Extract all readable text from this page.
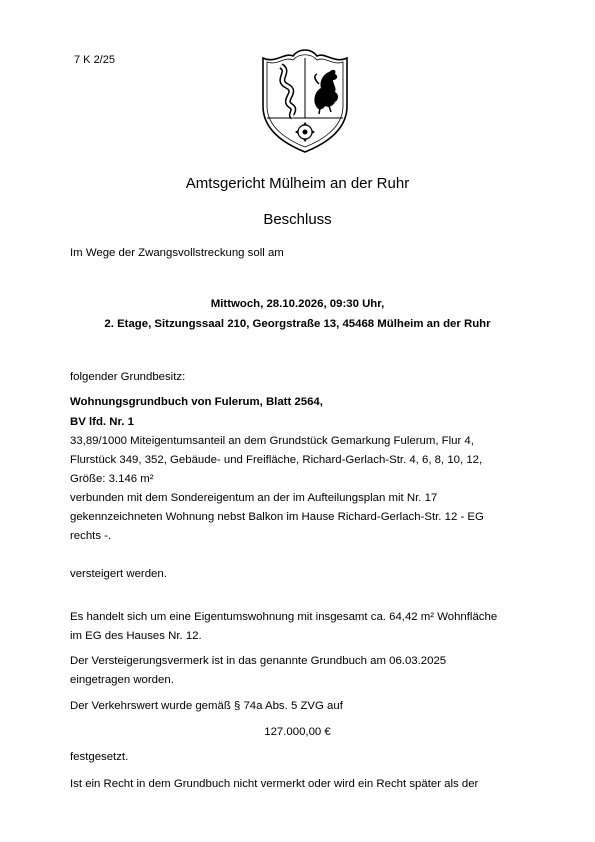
7 K 2/25
Amtsgericht Mülheim an der Ruhr
Beschluss
Im Wege der Zwangsvollstreckung soll am
Mittwoch, 28.10.2026, 09:30 Uhr,
2. Etage, Sitzungssaal 210, Georgstraße 13, 45468 Mülheim an der Ruhr
folgender Grundbesitz:
Wohnungsgrundbuch von Fulerum, Blatt 2564,
BV lfd. Nr. 1
33,89/1000 Miteigentumsanteil an dem Grundstück Gemarkung Fulerum, Flur 4,
Flurstück 349, 352, Gebäude- und Freifläche, Richard-Gerlach-Str. 4, 6, 8, 10, 12,
Größe: 3.146 m²
verbunden mit dem Sondereigentum an der im Aufteilungsplan mit Nr. 17
gekennzeichneten Wohnung nebst Balkon im Hause Richard-Gerlach-Str. 12 - EG
rechts -.
versteigert werden.
Es handelt sich um eine Eigentumswohnung mit insgesamt ca. 64,42 m² Wohnfläche
im EG des Hauses Nr. 12.
Der Versteigerungsvermerk ist in das genannte Grundbuch am 06.03.2025
eingetragen worden.
Der Verkehrswert wurde gemäß § 74a Abs. 5 ZVG auf
127.000,00 €
festgesetzt.
Ist ein Recht in dem Grundbuch nicht vermerkt oder wird ein Recht später als der
